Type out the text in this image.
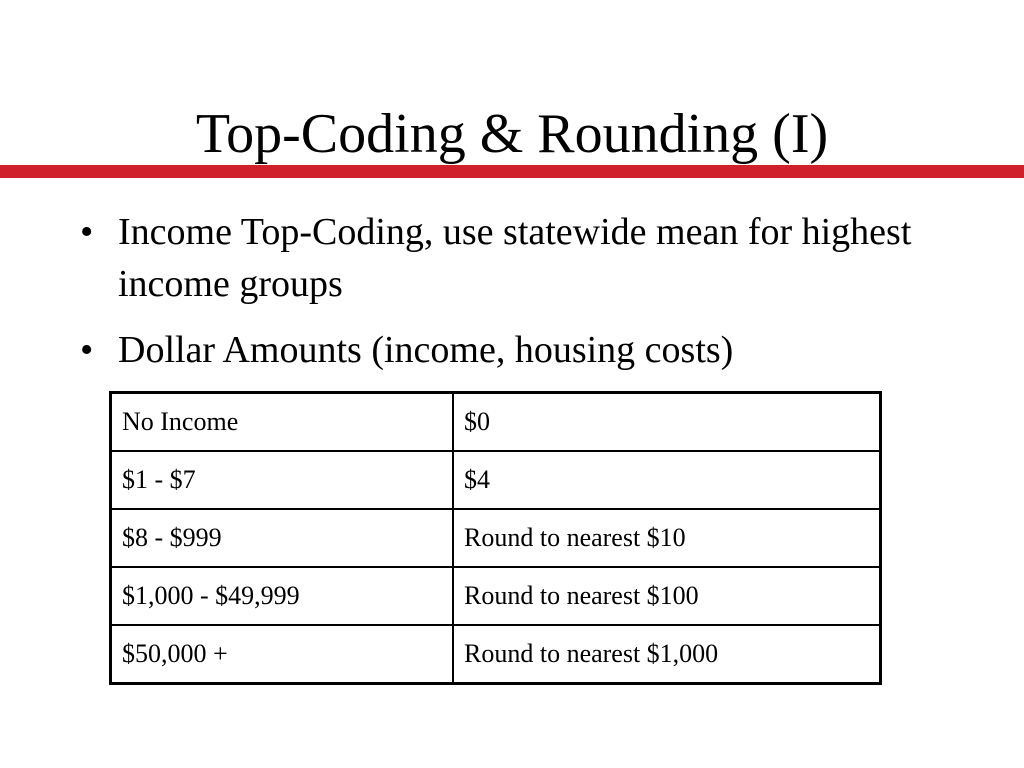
Top-Coding & Rounding (I)
• Income Top-Coding, use statewide mean for highest income groups
• Dollar Amounts (income, housing costs)
No Income	$0
$1 - $7	$4
$8 - $999	Round to nearest $10
$1,000 - $49,999	Round to nearest $100
$50,000 +	Round to nearest $1,000
